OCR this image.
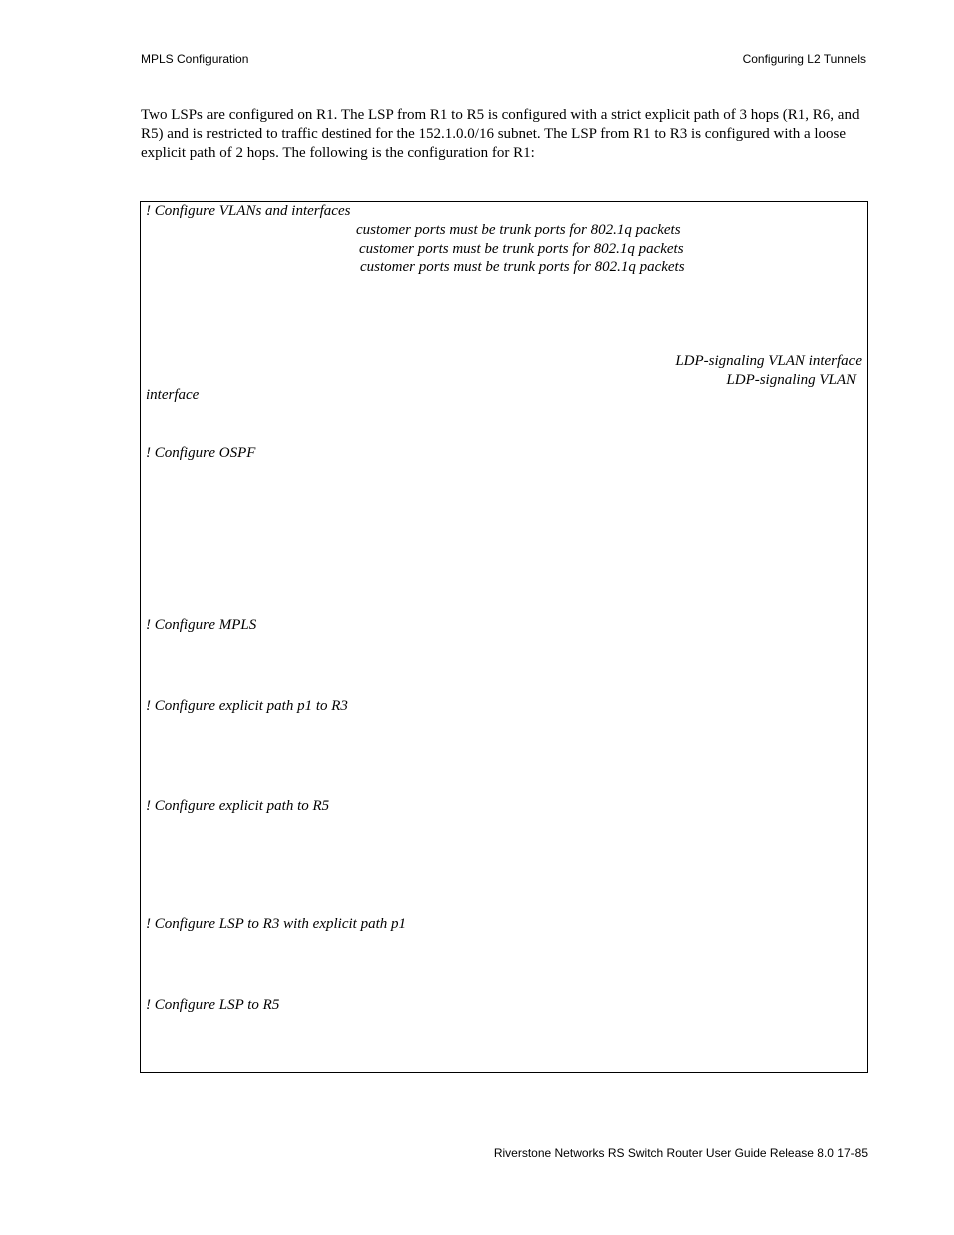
MPLS Configuration	Configuring L2 Tunnels

Two LSPs are configured on R1. The LSP from R1 to R5 is configured with a strict explicit path of 3 hops (R1, R6, and R5) and is restricted to traffic destined for the 152.1.0.0/16 subnet. The LSP from R1 to R3 is configured with a loose explicit path of 2 hops. The following is the configuration for R1:

! Configure VLANs and interfaces

customer ports must be trunk ports for 802.1q packets

customer ports must be trunk ports for 802.1q packets

customer ports must be trunk ports for 802.1q packets

LDP-signaling VLAN interface

LDP-signaling VLAN

interface

! Configure OSPF

! Configure MPLS

! Configure explicit path p1 to R3

! Configure explicit path to R5

! Configure LSP to R3 with explicit path p1

! Configure LSP to R5

Riverstone Networks RS Switch Router User Guide Release 8.0 17-85
